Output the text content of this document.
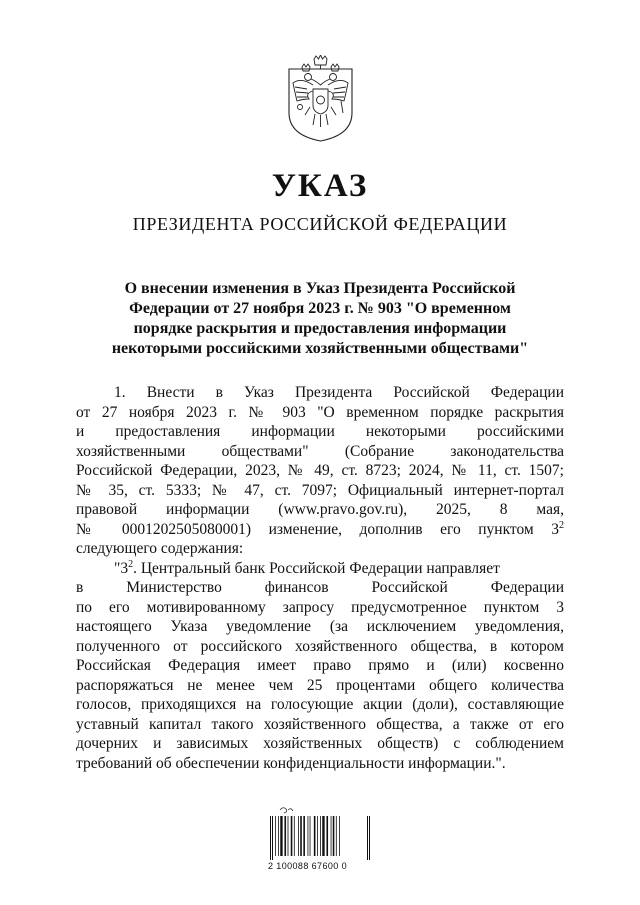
УКАЗ
ПРЕЗИДЕНТА РОССИЙСКОЙ ФЕДЕРАЦИИ
О внесении изменения в Указ Президента Российской
Федерации от 27 ноября 2023 г. № 903 "О временном
порядке раскрытия и предоставления информации
некоторыми российскими хозяйственными обществами"
1. Внести в Указ Президента Российской Федерации
от 27 ноября 2023 г. № 903 "О временном порядке раскрытия
и предоставления информации некоторыми российскими
хозяйственными обществами" (Собрание законодательства
Российской Федерации, 2023, № 49, ст. 8723; 2024, № 11, ст. 1507;
№ 35, ст. 5333; № 47, ст. 7097; Официальный интернет-портал
правовой информации (www.pravo.gov.ru), 2025, 8 мая,
№ 0001202505080001) изменение, дополнив его пунктом $3^2$
следующего содержания:
"$3^2$. Центральный банк Российской Федерации направляет
в Министерство финансов Российской Федерации
по его мотивированному запросу предусмотренное пунктом 3
настоящего Указа уведомление (за исключением уведомления,
полученного от российского хозяйственного общества, в котором
Российская Федерация имеет право прямо и (или) косвенно
распоряжаться не менее чем 25 процентами общего количества
голосов, приходящихся на голосующие акции (доли), составляющие
уставный капитал такого хозяйственного общества, а также от его
дочерних и зависимых хозяйственных обществ) с соблюдением
требований об обеспечении конфиденциальности информации.".
2 100088 67600 0
